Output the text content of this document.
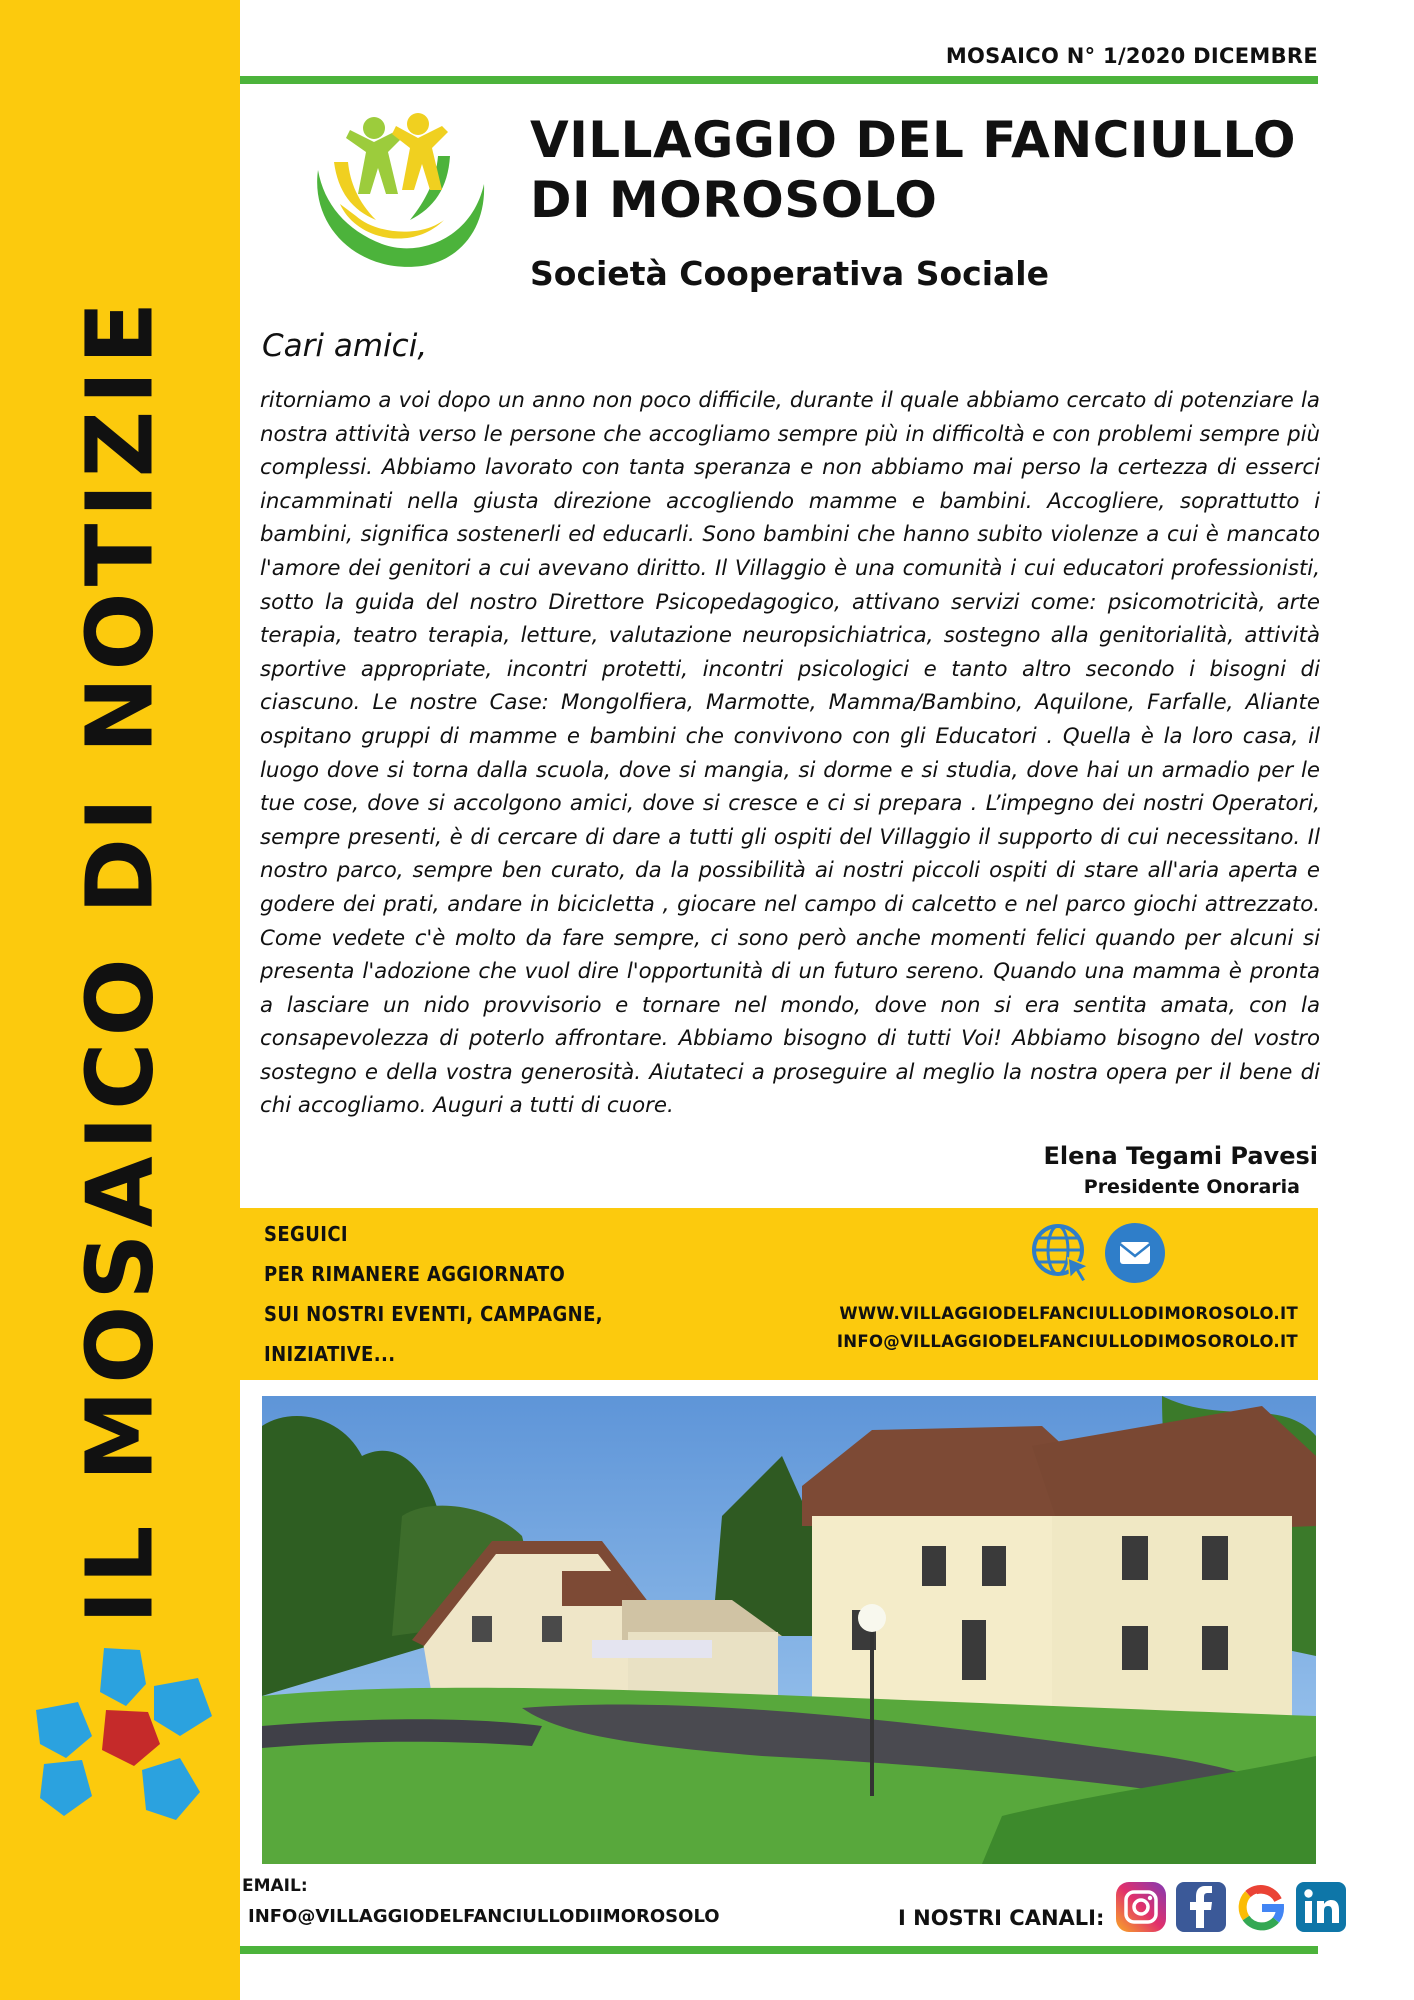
IL MOSAICO DI NOTIZIE
MOSAICO N° 1/2020 DICEMBRE
VILLAGGIO DEL FANCIULLO
DI MOROSOLO
Società Cooperativa Sociale
Cari amici,

ritorniamo a voi dopo un anno non poco difficile, durante il quale abbiamo cercato di potenziare la nostra attività verso le persone che accogliamo sempre più in difficoltà e con problemi sempre più complessi. Abbiamo lavorato con tanta speranza e non abbiamo mai perso la certezza di esserci incamminati nella giusta direzione accogliendo mamme e bambini. Accogliere, soprattutto i bambini, significa sostenerli ed educarli. Sono bambini che hanno subito violenze a cui è mancato l'amore dei genitori a cui avevano diritto. Il Villaggio è una comunità i cui educatori professionisti, sotto la guida del nostro Direttore Psicopedagogico, attivano servizi come: psicomotricità, arte terapia, teatro terapia, letture, valutazione neuropsichiatrica, sostegno alla genitorialità, attività sportive appropriate, incontri protetti, incontri psicologici e tanto altro secondo i bisogni di ciascuno. Le nostre Case: Mongolfiera, Marmotte, Mamma/Bambino, Aquilone, Farfalle, Aliante ospitano gruppi di mamme e bambini che convivono con gli Educatori . Quella è la loro casa, il luogo dove si torna dalla scuola, dove si mangia, si dorme e si studia, dove hai un armadio per le tue cose, dove si accolgono amici, dove si cresce e ci si prepara . L’impegno dei nostri Operatori, sempre presenti, è di cercare di dare a tutti gli ospiti del Villaggio il supporto di cui necessitano. Il nostro parco, sempre ben curato, da la possibilità ai nostri piccoli ospiti di stare all'aria aperta e godere dei prati, andare in bicicletta , giocare nel campo di calcetto e nel parco giochi attrezzato. Come vedete c'è molto da fare sempre, ci sono però anche momenti felici quando per alcuni si presenta l'adozione che vuol dire l'opportunità di un futuro sereno. Quando una mamma è pronta a lasciare un nido provvisorio e tornare nel mondo, dove non si era sentita amata, con la consapevolezza di poterlo affrontare. Abbiamo bisogno di tutti Voi! Abbiamo bisogno del vostro sostegno e della vostra generosità. Aiutateci a proseguire al meglio la nostra opera per il bene di chi accogliamo. Auguri a tutti di cuore.

Elena Tegami Pavesi
Presidente Onoraria
SEGUICI
PER RIMANERE AGGIORNATO
SUI NOSTRI EVENTI, CAMPAGNE,
INIZIATIVE...
WWW.VILLAGGIODELFANCIULLODIMOROSOLO.IT
INFO@VILLAGGIODELFANCIULLODIMOSOROLO.IT
EMAIL:
INFO@VILLAGGIODELFANCIULLODIIMOROSOLO	I NOSTRI CANALI:
